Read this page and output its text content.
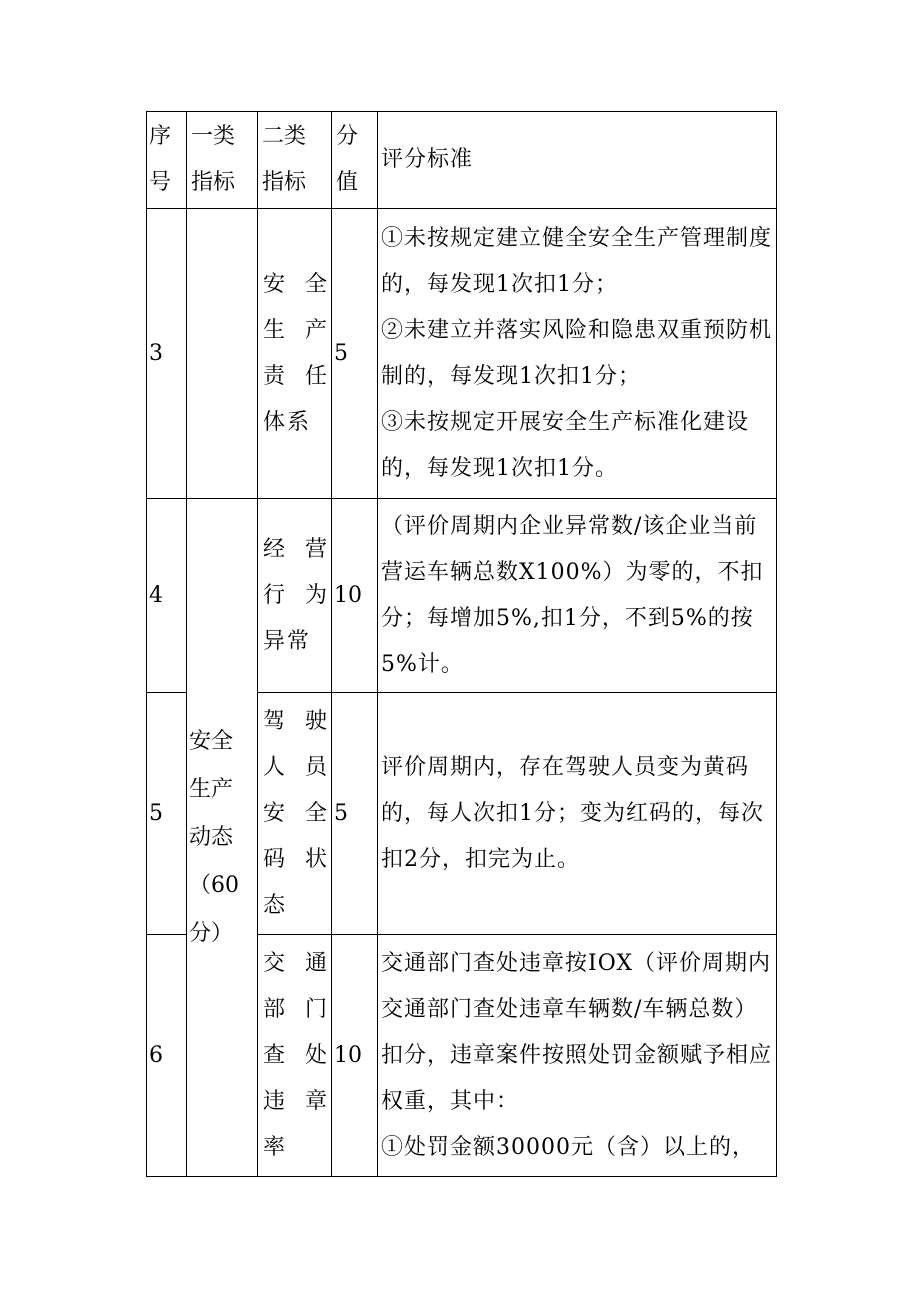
序号	一类指标	二类指标	分值	评分标准

3		安 全 生 产 责 任 体系	5	①未按规定建立健全安全生产管理制度的，每发现1次扣1分；

②未建立并落实风险和隐患双重预防机制的，每发现1次扣1分；

③未按规定开展安全生产标准化建设的，每发现1次扣1分。

4	安全生产动态 （60分）	经 营 行为 异常	10	（评价周期内企业异常数/该企业当前营运车辆总数X100%）为零的，不扣分；每增加5%,扣1分，不到5%的按5%计。

5		驾 驶 人 员 安 全 码 状 态	5	评价周期内，存在驾驶人员变为黄码的，每人次扣1分；变为红码的，每次扣2分，扣完为止。

6		交 通 部 门 查 处 违 章 率	10	交通部门查处违章按IOX（评价周期内交通部门查处违章车辆数/车辆总数）扣分，违章案件按照处罚金额赋予相应权重，其中：

①处罚金额30000元（含）以上的，
